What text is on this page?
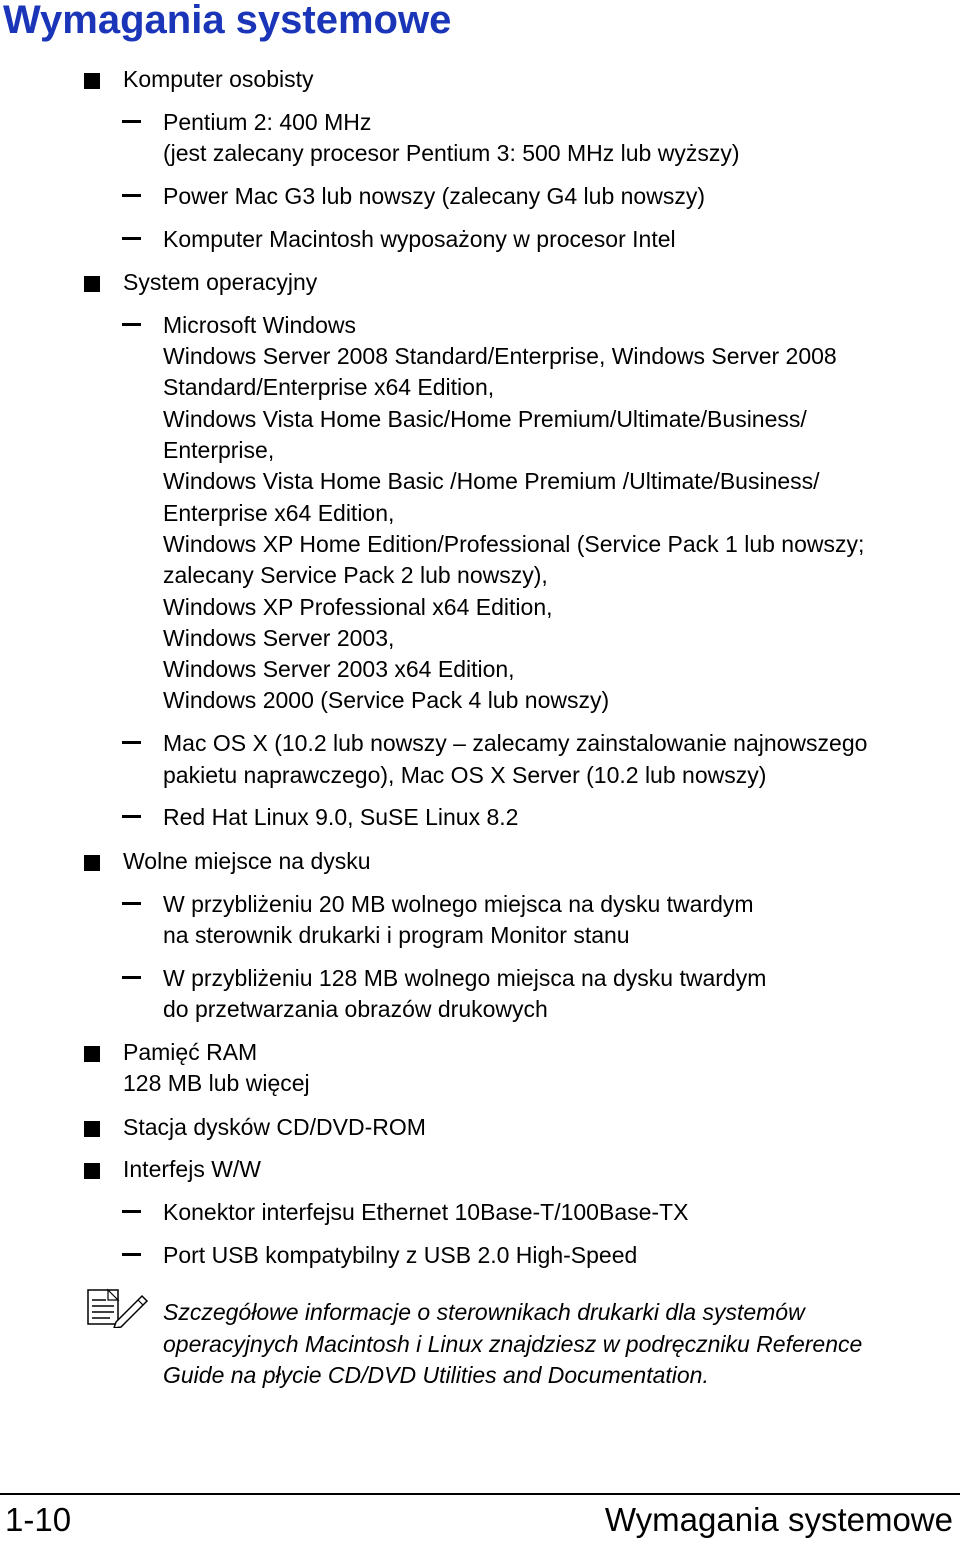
Wymagania systemowe
Komputer osobisty
Pentium 2: 400 MHz
(jest zalecany procesor Pentium 3: 500 MHz lub wyższy)
Power Mac G3 lub nowszy (zalecany G4 lub nowszy)
Komputer Macintosh wyposażony w procesor Intel
System operacyjny
Microsoft Windows
Windows Server 2008 Standard/Enterprise, Windows Server 2008
Standard/Enterprise x64 Edition,
Windows Vista Home Basic/Home Premium/Ultimate/Business/
Enterprise,
Windows Vista Home Basic /Home Premium /Ultimate/Business/
Enterprise x64 Edition,
Windows XP Home Edition/Professional (Service Pack 1 lub nowszy;
zalecany Service Pack 2 lub nowszy),
Windows XP Professional x64 Edition,
Windows Server 2003,
Windows Server 2003 x64 Edition,
Windows 2000 (Service Pack 4 lub nowszy)
Mac OS X (10.2 lub nowszy – zalecamy zainstalowanie najnowszego
pakietu naprawczego), Mac OS X Server (10.2 lub nowszy)
Red Hat Linux 9.0, SuSE Linux 8.2
Wolne miejsce na dysku
W przybliżeniu 20 MB wolnego miejsca na dysku twardym
na sterownik drukarki i program Monitor stanu
W przybliżeniu 128 MB wolnego miejsca na dysku twardym
do przetwarzania obrazów drukowych
Pamięć RAM
128 MB lub więcej
Stacja dysków CD/DVD-ROM
Interfejs W/W
Konektor interfejsu Ethernet 10Base-T/100Base-TX
Port USB kompatybilny z USB 2.0 High-Speed
Szczegółowe informacje o sterownikach drukarki dla systemów
operacyjnych Macintosh i Linux znajdziesz w podręczniku Reference
Guide na płycie CD/DVD Utilities and Documentation.
1-10	Wymagania systemowe
